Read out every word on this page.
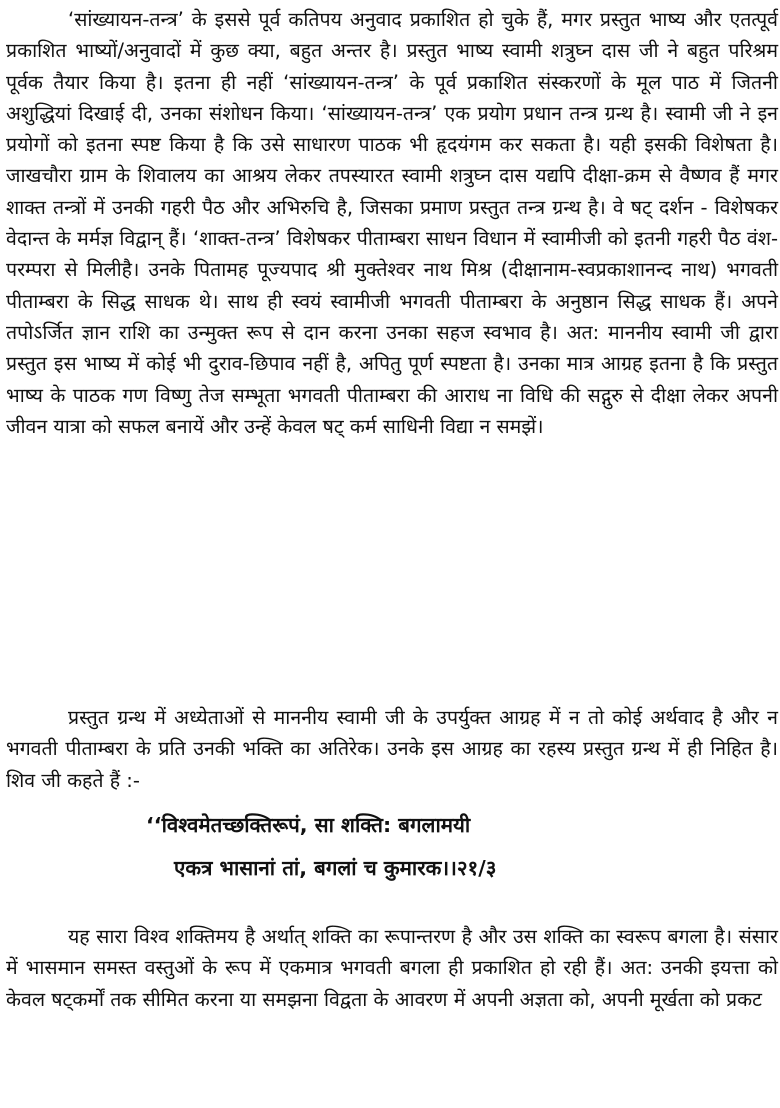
‘सांख्यायन-तन्त्र’ के इससे पूर्व कतिपय अनुवाद प्रकाशित हो चुके हैं, मगर प्रस्तुत भाष्य और एतत्पूर्व प्रकाशित भाष्यों/अनुवादों में कुछ क्या, बहुत अन्तर है। प्रस्तुत भाष्य स्वामी शत्रुघ्न दास जी ने बहुत परिश्रम पूर्वक तैयार किया है। इतना ही नहीं ‘सांख्यायन-तन्त्र’ के पूर्व प्रकाशित संस्करणों के मूल पाठ में जितनी अशुद्धियां दिखाई दी, उनका संशोधन किया। ‘सांख्यायन-तन्त्र’ एक प्रयोग प्रधान तन्त्र ग्रन्थ है। स्वामी जी ने इन प्रयोगों को इतना स्पष्ट किया है कि उसे साधारण पाठक भी हृदयंगम कर सकता है। यही इसकी विशेषता है। जाखचौरा ग्राम के शिवालय का आश्रय लेकर तपस्यारत स्वामी शत्रुघ्न दास यद्यपि दीक्षा-क्रम से वैष्णव हैं मगर शाक्त तन्त्रों में उनकी गहरी पैठ और अभिरुचि है, जिसका प्रमाण प्रस्तुत तन्त्र ग्रन्थ है। वे षट् दर्शन - विशेषकर वेदान्त के मर्मज्ञ विद्वान् हैं। ‘शाक्त-तन्त्र’ विशेषकर पीताम्बरा साधन विधान में स्वामीजी को इतनी गहरी पैठ वंश-परम्परा से मिलीहै। उनके पितामह पूज्यपाद श्री मुक्तेश्वर नाथ मिश्र (दीक्षानाम-स्वप्रकाशानन्द नाथ) भगवती पीताम्बरा के सिद्ध साधक थे। साथ ही स्वयं स्वामीजी भगवती पीताम्बरा के अनुष्ठान सिद्ध साधक हैं। अपने तपोऽर्जित ज्ञान राशि का उन्मुक्त रूप से दान करना उनका सहज स्वभाव है। अत: माननीय स्वामी जी द्वारा प्रस्तुत इस भाष्य में कोई भी दुराव-छिपाव नहीं है, अपितु पूर्ण स्पष्टता है। उनका मात्र आग्रह इतना है कि प्रस्तुत भाष्य के पाठक गण विष्णु तेज सम्भूता भगवती पीताम्बरा की आराध ना विधि की सद्गुरु से दीक्षा लेकर अपनी जीवन यात्रा को सफल बनायें और उन्हें केवल षट् कर्म साधिनी विद्या न समझें।

प्रस्तुत ग्रन्थ में अध्येताओं से माननीय स्वामी जी के उपर्युक्त आग्रह में न तो कोई अर्थवाद है और न भगवती पीताम्बरा के प्रति उनकी भक्ति का अतिरेक। उनके इस आग्रह का रहस्य प्रस्तुत ग्रन्थ में ही निहित है। शिव जी कहते हैं :-

‘‘विश्वमेतच्छक्तिरूपं, सा शक्ति: बगलामयी
एकत्र भासानां तां, बगलां च कुमारक।।२१/३

यह सारा विश्व शक्तिमय है अर्थात् शक्ति का रूपान्तरण है और उस शक्ति का स्वरूप बगला है। संसार में भासमान समस्त वस्तुओं के रूप में एकमात्र भगवती बगला ही प्रकाशित हो रही हैं। अत: उनकी इयत्ता को केवल षट्कर्मों तक सीमित करना या समझना विद्वता के आवरण में अपनी अज्ञता को, अपनी मूर्खता को प्रकट
